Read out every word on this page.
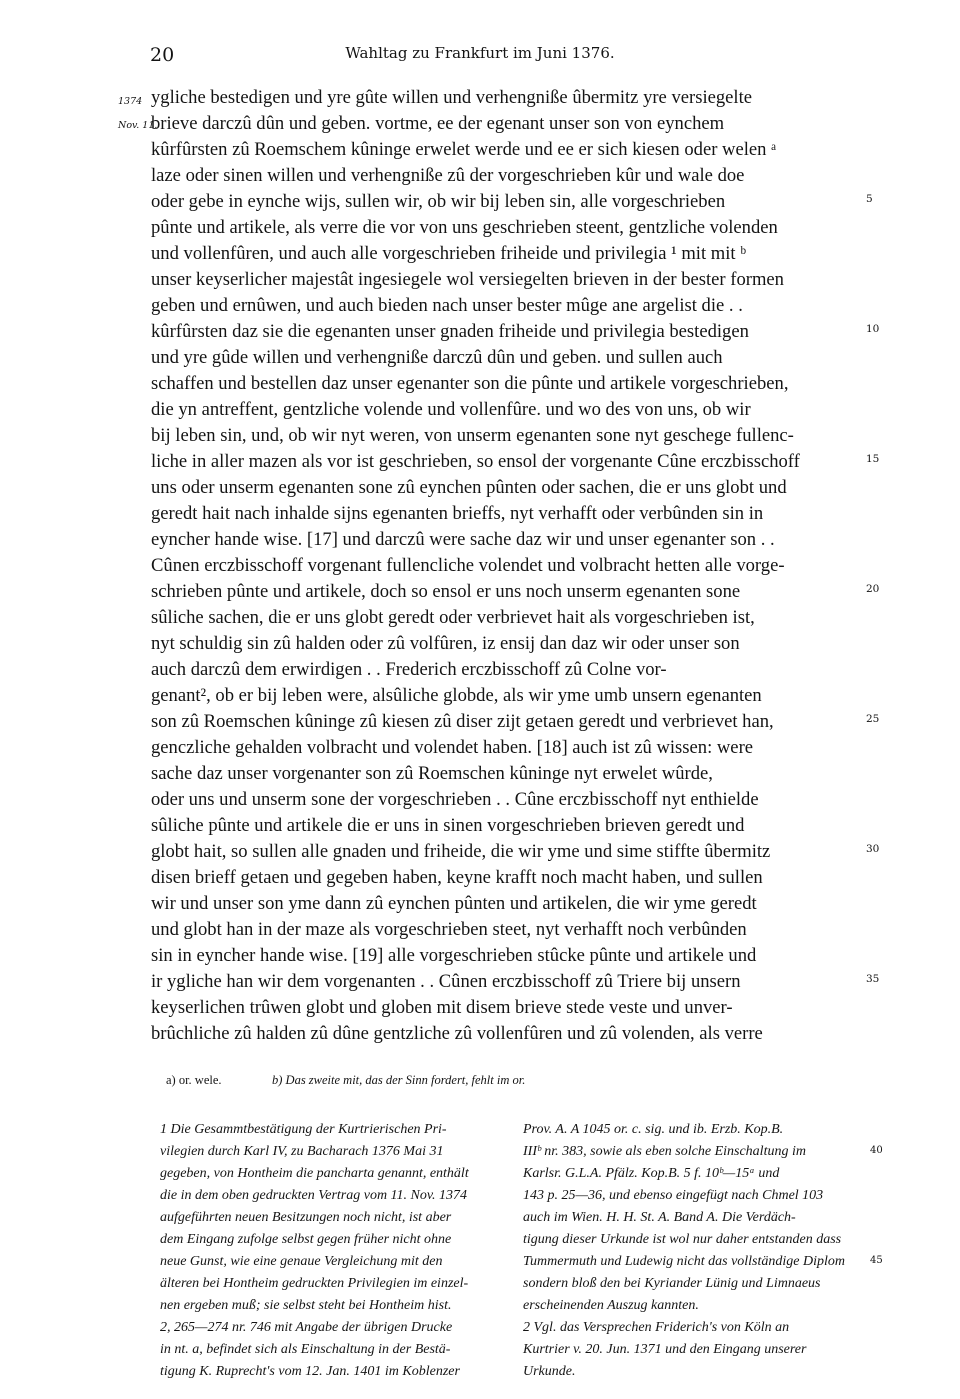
20	Wahltag zu Frankfurt im Juni 1376.
1374
Nov. 11.
ygliche bestedigen und yre gûte willen und verhengniße ûbermitz yre versiegelte
brieve darczû dûn und geben. vortme, ee der egenant unser son von eynchem
kûrfûrsten zû Roemschem kûninge erwelet werde und ee er sich kiesen oder welen ᵃ
laze oder sinen willen und verhengniße zû der vorgeschrieben kûr und wale doe
oder gebe in eynche wijs, sullen wir, ob wir bij leben sin, alle vorgeschrieben
pûnte und artikele, als verre die vor von uns geschrieben steent, gentzliche volenden
und vollenfûren, und auch alle vorgeschrieben friheide und privilegia ¹ mit mit ᵇ
unser keyserlicher majestât ingesiegele wol versiegelten brieven in der bester formen
geben und ernûwen, und auch bieden nach unser bester mûge ane argelist die . .
kûrfûrsten daz sie die egenanten unser gnaden friheide und privilegia bestedigen
und yre gûde willen und verhengniße darczû dûn und geben. und sullen auch
schaffen und bestellen daz unser egenanter son die pûnte und artikele vorgeschrieben,
die yn antreffent, gentzliche volende und vollenfûre. und wo des von uns, ob wir
bij leben sin, und, ob wir nyt weren, von unserm egenanten sone nyt geschege fullenc-
liche in aller mazen als vor ist geschrieben, so ensol der vorgenante Cûne erczbisschoff
uns oder unserm egenanten sone zû eynchen pûnten oder sachen, die er uns globt und
geredt hait nach inhalde sijns egenanten brieffs, nyt verhafft oder verbûnden sin in
eyncher hande wise. [17] und darczû were sache daz wir und unser egenanter son . .
Cûnen erczbisschoff vorgenant fullencliche volendet und volbracht hetten alle vorge-
schrieben pûnte und artikele, doch so ensol er uns noch unserm egenanten sone
sûliche sachen, die er uns globt geredt oder verbrievet hait als vorgeschrieben ist,
nyt schuldig sin zû halden oder zû volfûren, iz ensij dan daz wir oder unser son
auch darczû dem erwirdigen . . Frederich erczbisschoff zû Colne vor-
genant², ob er bij leben were, alsûliche globde, als wir yme umb unsern egenanten
son zû Roemschen kûninge zû kiesen zû diser zijt getaen geredt und verbrievet han,
genczliche gehalden volbracht und volendet haben. [18] auch ist zû wissen: were
sache daz unser vorgenanter son zû Roemschen kûninge nyt erwelet wûrde,
oder uns und unserm sone der vorgeschrieben . . Cûne erczbisschoff nyt enthielde
sûliche pûnte und artikele die er uns in sinen vorgeschrieben brieven geredt und
globt hait, so sullen alle gnaden und friheide, die wir yme und sime stiffte ûbermitz
disen brieff getaen und gegeben haben, keyne krafft noch macht haben, und sullen
wir und unser son yme dann zû eynchen pûnten und artikelen, die wir yme geredt
und globt han in der maze als vorgeschrieben steet, nyt verhafft noch verbûnden
sin in eyncher hande wise. [19] alle vorgeschrieben stûcke pûnte und artikele und
ir ygliche han wir dem vorgenanten . . Cûnen erczbisschoff zû Triere bij unsern
keyserlichen trûwen globt und globen mit disem brieve stede veste und unver-
brûchliche zû halden zû dûne gentzliche zû vollenfûren und zû volenden, als verre
5
10
15
20
25
30
35
a) or. wele.	b) Das zweite mit, das der Sinn fordert, fehlt im or.
1 Die Gesammtbestätigung der Kurtrierischen Pri-
vilegien durch Karl IV, zu Bacharach 1376 Mai 31
gegeben, von Hontheim die pancharta genannt, enthält
die in dem oben gedruckten Vertrag vom 11. Nov. 1374
aufgeführten neuen Besitzungen noch nicht, ist aber
dem Eingang zufolge selbst gegen früher nicht ohne
neue Gunst, wie eine genaue Vergleichung mit den
älteren bei Hontheim gedruckten Privilegien im einzel-
nen ergeben muß; sie selbst steht bei Hontheim hist.
2, 265—274 nr. 746 mit Angabe der übrigen Drucke
in nt. a, befindet sich als Einschaltung in der Bestä-
tigung K. Ruprecht's vom 12. Jan. 1401 im Koblenzer
Prov. A. A 1045 or. c. sig. und ib. Erzb. Kop.B.
IIIᵇ nr. 383, sowie als eben solche Einschaltung im
Karlsr. G.L.A. Pfälz. Kop.B. 5 f. 10ᵇ—15ᵃ und
143 p. 25—36, und ebenso eingefügt nach Chmel 103
auch im Wien. H. H. St. A. Band A. Die Verdäch-
tigung dieser Urkunde ist wol nur daher entstanden dass
Tummermuth und Ludewig nicht das vollständige Diplom
sondern bloß den bei Kyriander Lünig und Limnaeus
erscheinenden Auszug kannten.
2 Vgl. das Versprechen Friderich's von Köln an
Kurtrier v. 20. Jun. 1371 und den Eingang unserer
Urkunde.
40
45
